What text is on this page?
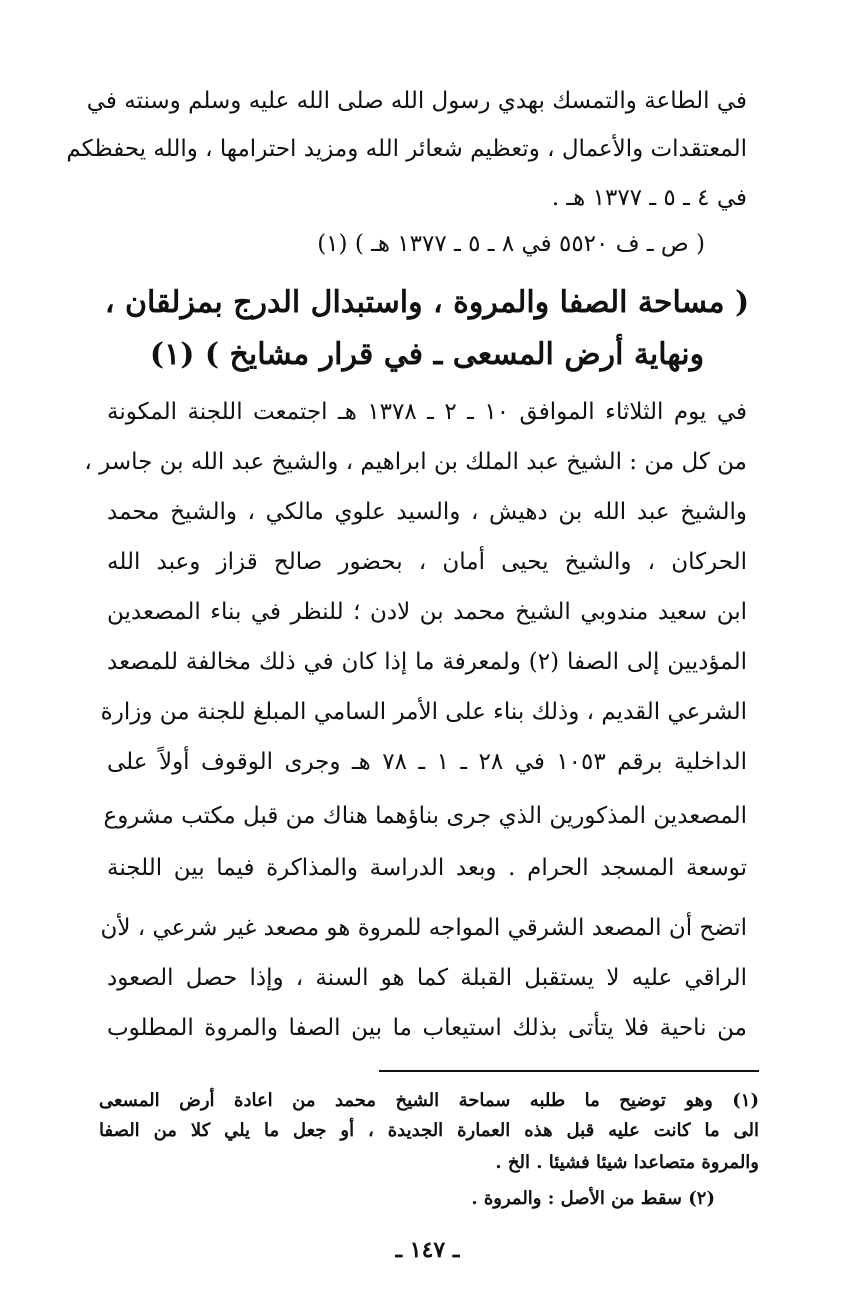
في الطاعة والتمسك بهدي رسول الله صلى الله عليه وسلم وسنته في
المعتقدات والأعمال ، وتعظيم شعائر الله ومزيد احترامها ، والله يحفظكم
في ٤ ـ ٥ ـ ١٣٧٧ هـ .
( ص ـ ف ٥٥٢٠ في ٨ ـ ٥ ـ ١٣٧٧ هـ ) (١)
( مساحة الصفا والمروة ، واستبدال الدرج بمزلقان ،
ونهاية أرض المسعى ـ في قرار مشايخ ) (١)
في يوم الثلاثاء الموافق ١٠ ـ ٢ ـ ١٣٧٨ هـ اجتمعت اللجنة المكونة
من كل من : الشيخ عبد الملك بن ابراهيم ، والشيخ عبد الله بن جاسر ،
والشيخ عبد الله بن دهيش ، والسيد علوي مالكي ، والشيخ محمد
الحركان ، والشيخ يحيى أمان ، بحضور صالح قزاز وعبد الله
ابن سعيد مندوبي الشيخ محمد بن لادن ؛ للنظر في بناء المصعدين
المؤديين إلى الصفا (٢) ولمعرفة ما إذا كان في ذلك مخالفة للمصعد
الشرعي القديم ، وذلك بناء على الأمر السامي المبلغ للجنة من وزارة
الداخلية برقم ١٠٥٣ في ٢٨ ـ ١ ـ ٧٨ هـ وجرى الوقوف أولاً على
المصعدين المذكورين الذي جرى بناؤهما هناك من قبل مكتب مشروع
توسعة المسجد الحرام . وبعد الدراسة والمذاكرة فيما بين اللجنة
اتضح أن المصعد الشرقي المواجه للمروة هو مصعد غير شرعي ، لأن
الراقي عليه لا يستقبل القبلة كما هو السنة ، وإذا حصل الصعود
من ناحية فلا يتأتى بذلك استيعاب ما بين الصفا والمروة المطلوب
(١) وهو توضيح ما طلبه سماحة الشيخ محمد من اعادة أرض المسعى
الى ما كانت عليه قبل هذه العمارة الجديدة ، أو جعل ما يلي كلا من الصفا
والمروة متصاعدا شيئا فشيئا . الخ .
(٢) سقط من الأصل : والمروة .
ـ ١٤٧ ـ
